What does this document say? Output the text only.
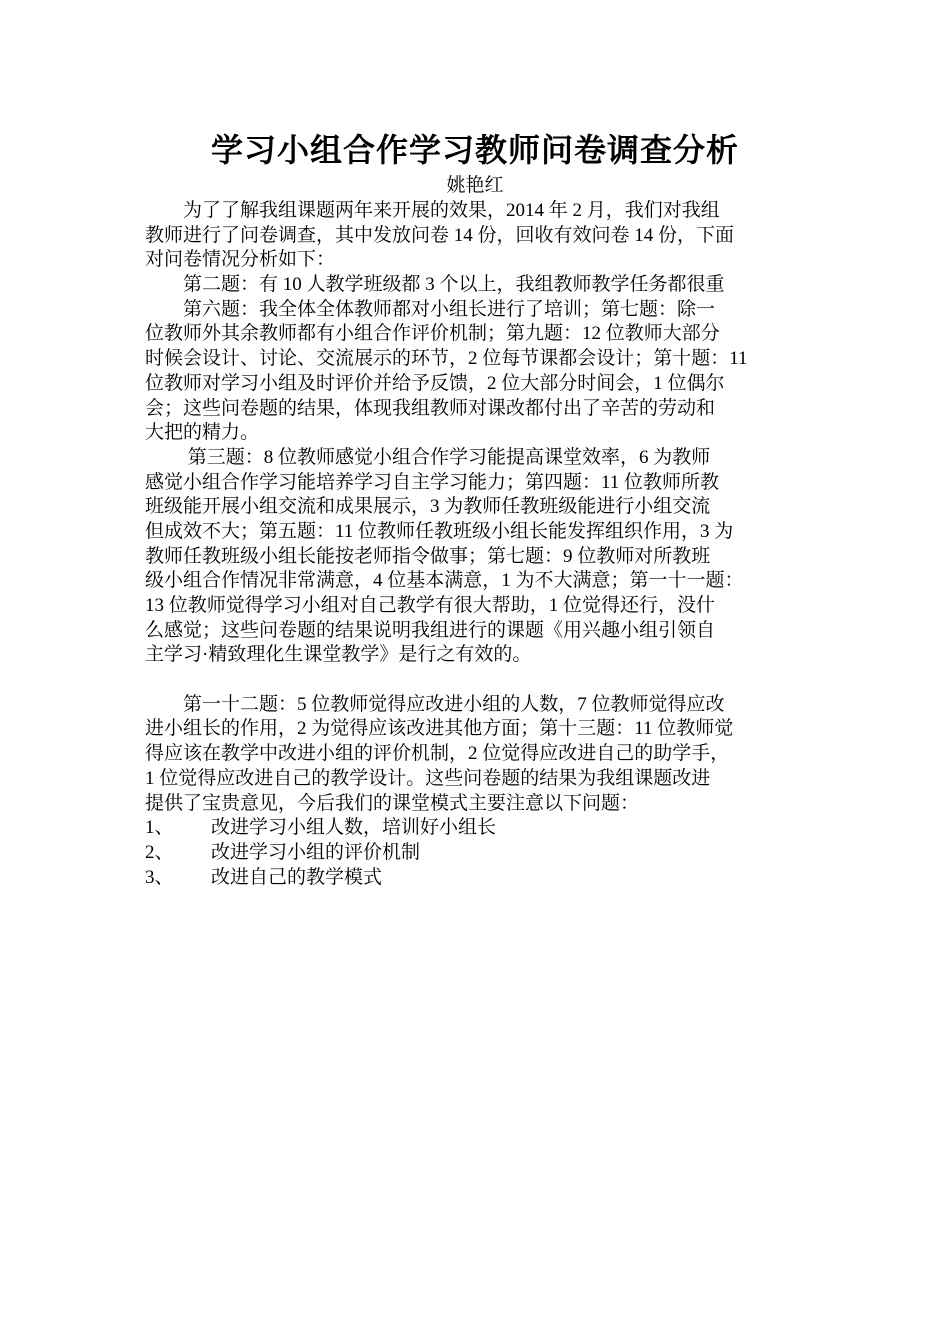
学习小组合作学习教师问卷调查分析
姚艳红
　　为了了解我组课题两年来开展的效果，2014 年 2 月，我们对我组
教师进行了问卷调查，其中发放问卷 14 份，回收有效问卷 14 份，下面
对问卷情况分析如下：
　　第二题：有 10 人教学班级都 3 个以上，我组教师教学任务都很重
　　第六题：我全体全体教师都对小组长进行了培训；第七题：除一
位教师外其余教师都有小组合作评价机制；第九题：12 位教师大部分
时候会设计、讨论、交流展示的环节，2 位每节课都会设计；第十题：11
位教师对学习小组及时评价并给予反馈，2 位大部分时间会，1 位偶尔
会；这些问卷题的结果，体现我组教师对课改都付出了辛苦的劳动和
大把的精力。
　　 第三题：8 位教师感觉小组合作学习能提高课堂效率，6 为教师
感觉小组合作学习能培养学习自主学习能力；第四题：11 位教师所教
班级能开展小组交流和成果展示，3 为教师任教班级能进行小组交流
但成效不大；第五题：11 位教师任教班级小组长能发挥组织作用，3 为
教师任教班级小组长能按老师指令做事；第七题：9 位教师对所教班
级小组合作情况非常满意，4 位基本满意，1 为不大满意；第一十一题：
13 位教师觉得学习小组对自己教学有很大帮助，1 位觉得还行，没什
么感觉；这些问卷题的结果说明我组进行的课题《用兴趣小组引领自
主学习·精致理化生课堂教学》是行之有效的。
　　第一十二题：5 位教师觉得应改进小组的人数，7 位教师觉得应改
进小组长的作用，2 为觉得应该改进其他方面；第十三题：11 位教师觉
得应该在教学中改进小组的评价机制，2 位觉得应改进自己的助学手，
1 位觉得应改进自己的教学设计。这些问卷题的结果为我组课题改进
提供了宝贵意见，今后我们的课堂模式主要注意以下问题：
1、 改进学习小组人数，培训好小组长
2、 改进学习小组的评价机制
3、 改进自己的教学模式
